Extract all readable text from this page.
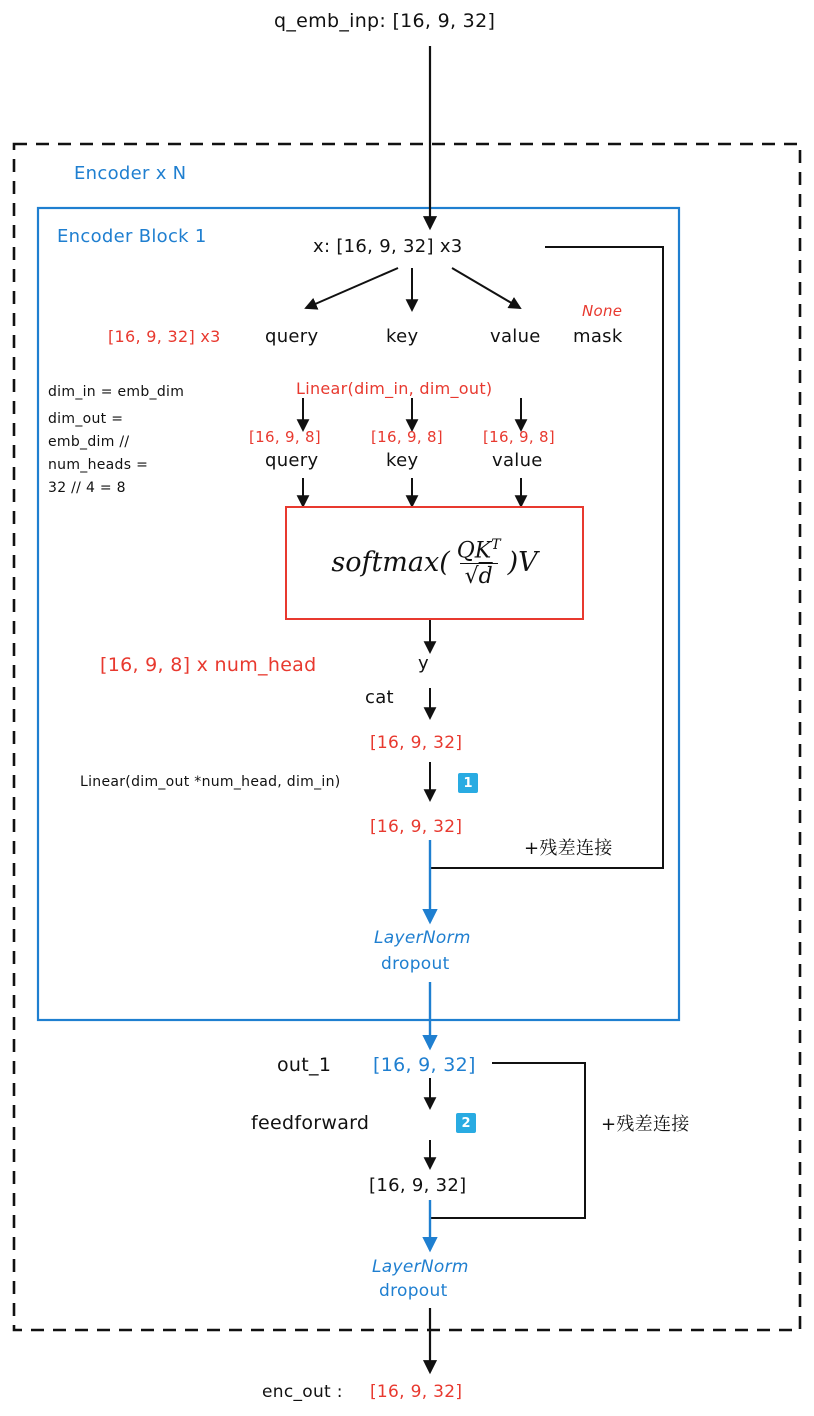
q_emb_inp: [16, 9, 32]
Encoder x N
Encoder Block 1	x: [16, 9, 32] x3
[16, 9, 32] x3 query	key	value
None
mask
Linear(dim_in, dim_out)
dim_in = emb_dim
dim_out =
emb_dim //
num_heads =
32 // 4 = 8
[16, 9, 8]	[16, 9, 8]	[16, 9, 8]
query	key	value
softmax( $\frac{QK^T}{√d} )V$
[16, 9, 8] x num_head	y
cat
[16, 9, 32]
Linear(dim_out *num_head, dim_in)	1
[16, 9, 32]
+残差连接
LayerNorm
dropout
out_1 [16, 9, 32]
feedforward	2
[16, 9, 32]
+残差连接
LayerNorm
dropout
enc_out : [16, 9, 32]
